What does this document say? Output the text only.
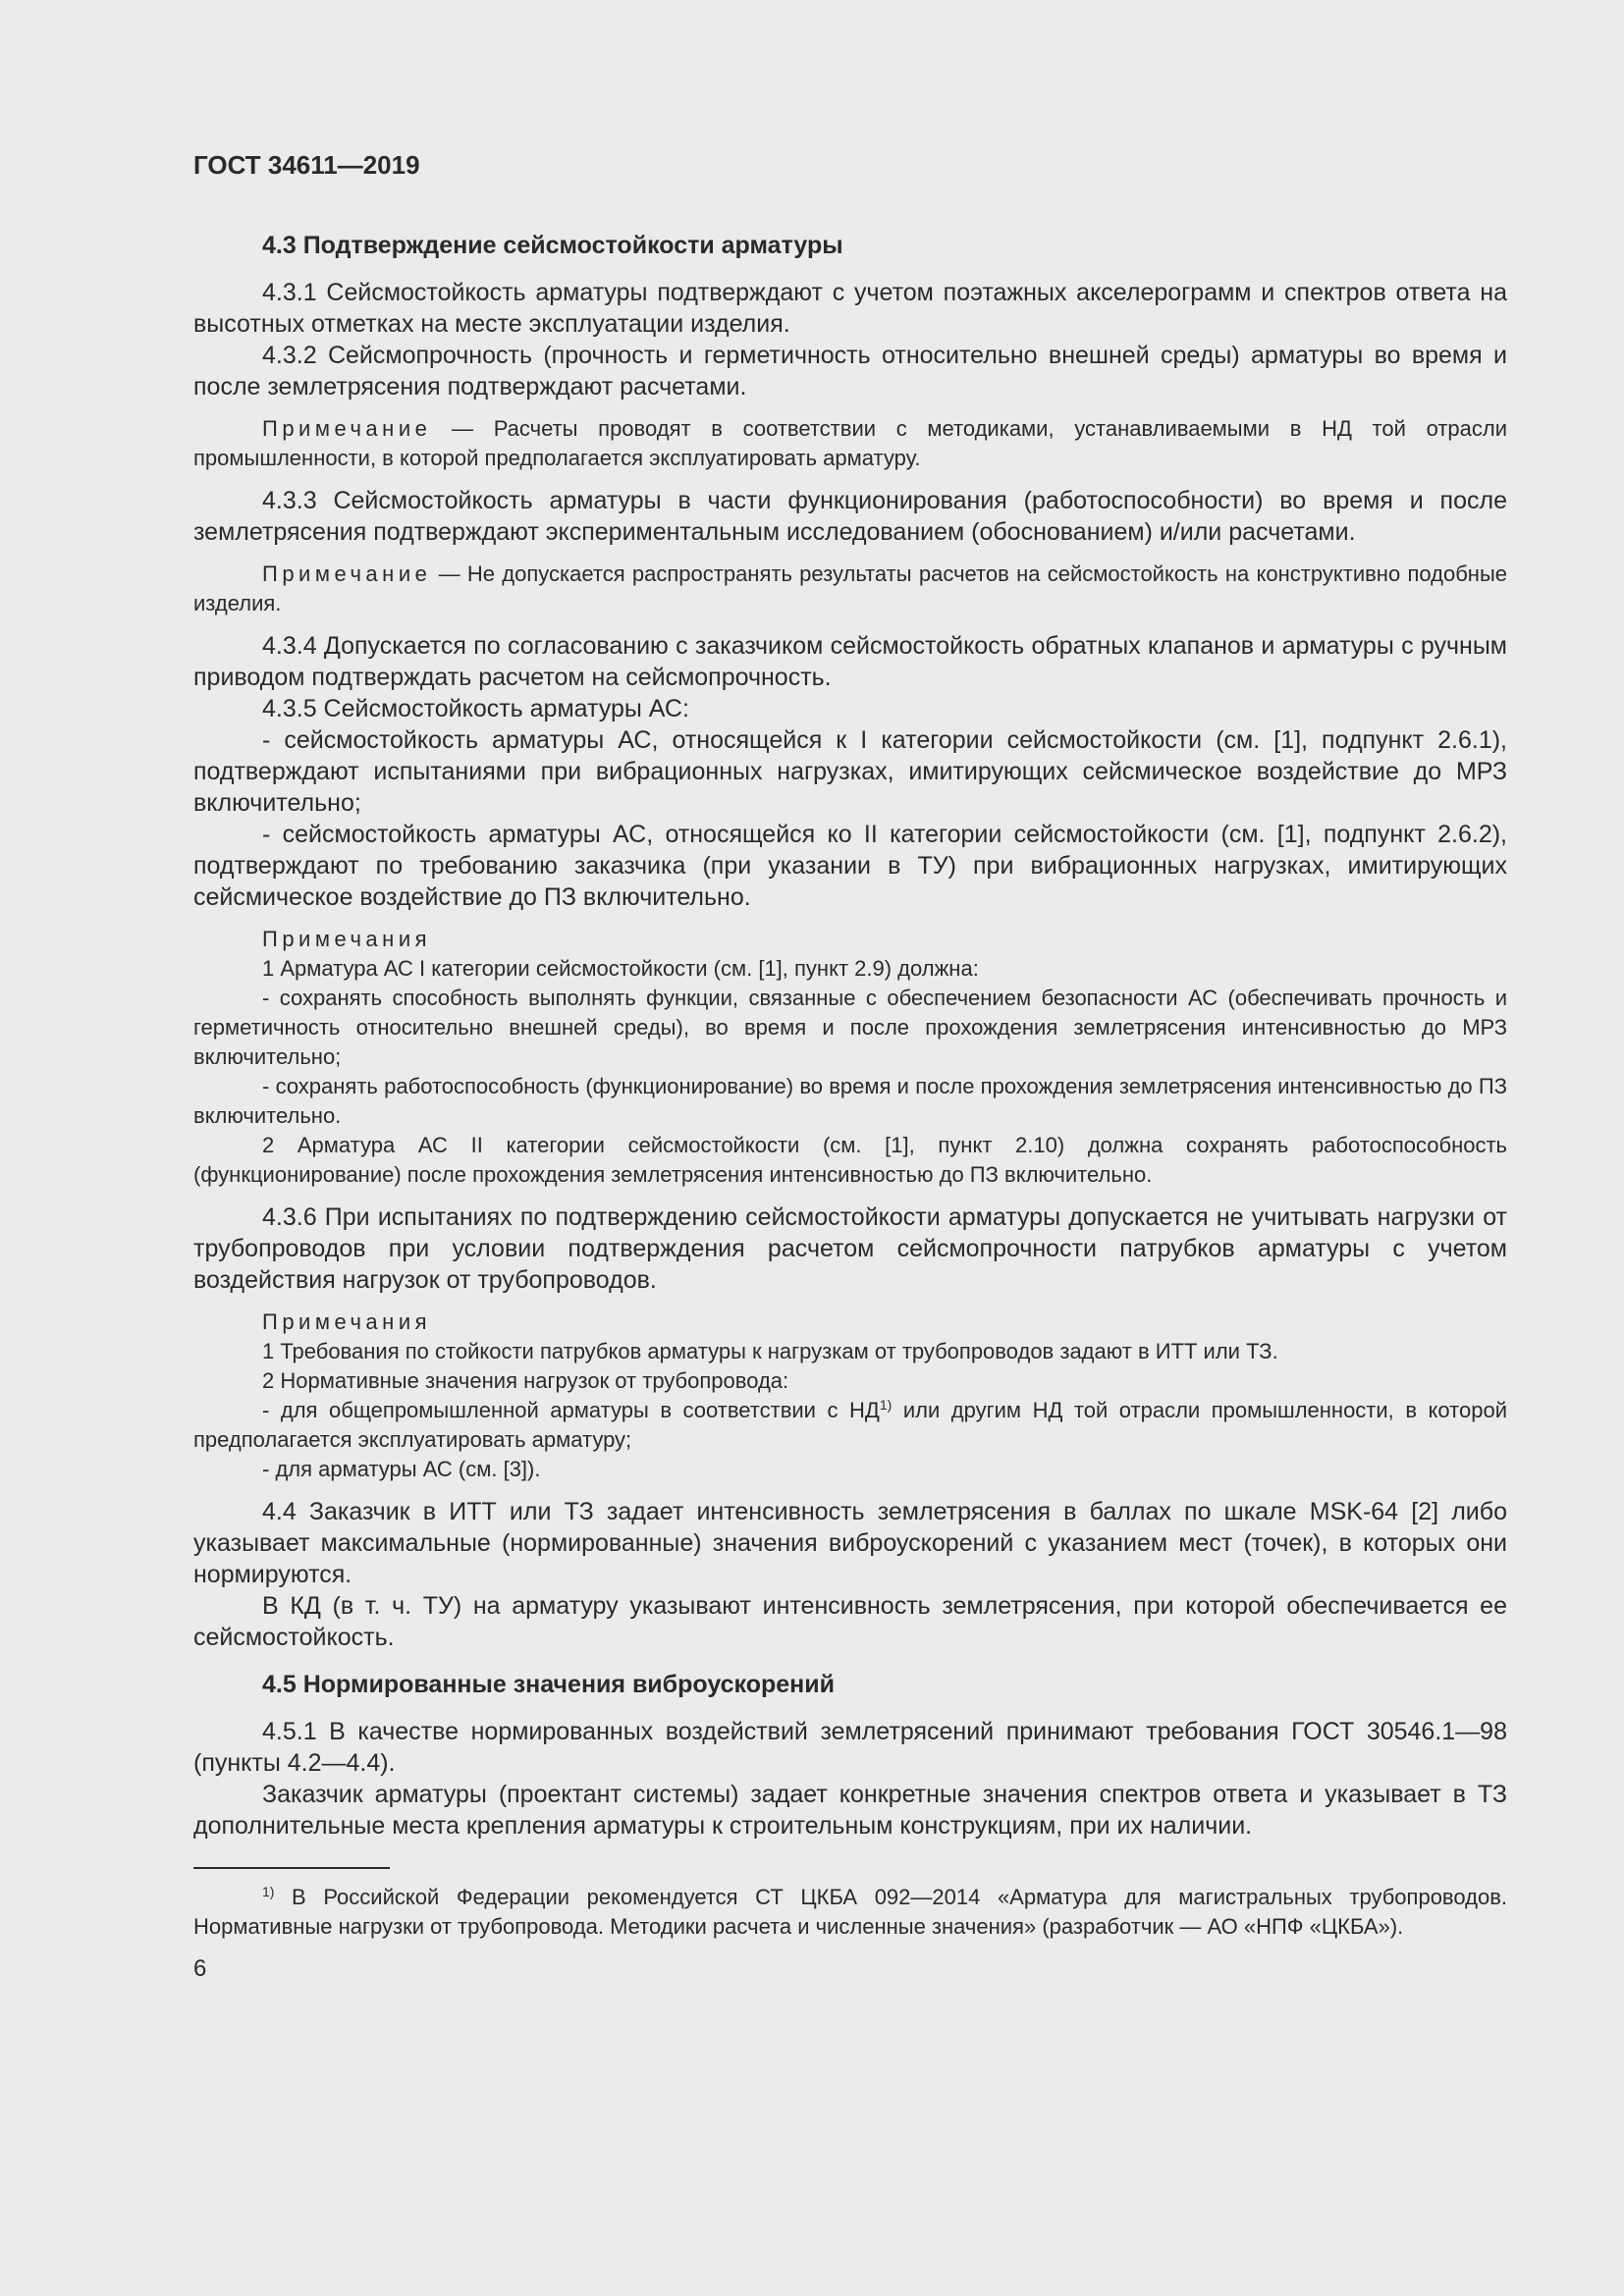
ГОСТ 34611—2019
4.3 Подтверждение сейсмостойкости арматуры

4.3.1 Сейсмостойкость арматуры подтверждают с учетом поэтажных акселерограмм и спектров ответа на высотных отметках на месте эксплуатации изделия.

4.3.2 Сейсмопрочность (прочность и герметичность относительно внешней среды) арматуры во время и после землетрясения подтверждают расчетами.

Примечание — Расчеты проводят в соответствии с методиками, устанавливаемыми в НД той отрасли промышленности, в которой предполагается эксплуатировать арматуру.

4.3.3 Сейсмостойкость арматуры в части функционирования (работоспособности) во время и после землетрясения подтверждают экспериментальным исследованием (обоснованием) и/или расчетами.

Примечание — Не допускается распространять результаты расчетов на сейсмостойкость на конструктивно подобные изделия.

4.3.4 Допускается по согласованию с заказчиком сейсмостойкость обратных клапанов и арматуры с ручным приводом подтверждать расчетом на сейсмопрочность.

4.3.5 Сейсмостойкость арматуры АС:

- сейсмостойкость арматуры АС, относящейся к I категории сейсмостойкости (см. [1], подпункт 2.6.1), подтверждают испытаниями при вибрационных нагрузках, имитирующих сейсмическое воздействие до МРЗ включительно;

- сейсмостойкость арматуры АС, относящейся ко II категории сейсмостойкости (см. [1], подпункт 2.6.2), подтверждают по требованию заказчика (при указании в ТУ) при вибрационных нагрузках, имитирующих сейсмическое воздействие до ПЗ включительно.

Примечания

1 Арматура АС I категории сейсмостойкости (см. [1], пункт 2.9) должна:

- сохранять способность выполнять функции, связанные с обеспечением безопасности АС (обеспечивать прочность и герметичность относительно внешней среды), во время и после прохождения землетрясения интенсивностью до МРЗ включительно;

- сохранять работоспособность (функционирование) во время и после прохождения землетрясения интенсивностью до ПЗ включительно.

2 Арматура АС II категории сейсмостойкости (см. [1], пункт 2.10) должна сохранять работоспособность (функционирование) после прохождения землетрясения интенсивностью до ПЗ включительно.

4.3.6 При испытаниях по подтверждению сейсмостойкости арматуры допускается не учитывать нагрузки от трубопроводов при условии подтверждения расчетом сейсмопрочности патрубков арматуры с учетом воздействия нагрузок от трубопроводов.

Примечания

1 Требования по стойкости патрубков арматуры к нагрузкам от трубопроводов задают в ИТТ или ТЗ.

2 Нормативные значения нагрузок от трубопровода:

- для общепромышленной арматуры в соответствии с НД$^{1)}$ или другим НД той отрасли промышленности, в которой предполагается эксплуатировать арматуру;

- для арматуры АС (см. [3]).

4.4 Заказчик в ИТТ или ТЗ задает интенсивность землетрясения в баллах по шкале MSK-64 [2] либо указывает максимальные (нормированные) значения виброускорений с указанием мест (точек), в которых они нормируются.

В КД (в т. ч. ТУ) на арматуру указывают интенсивность землетрясения, при которой обеспечивается ее сейсмостойкость.

4.5 Нормированные значения виброускорений

4.5.1 В качестве нормированных воздействий землетрясений принимают требования ГОСТ 30546.1—98 (пункты 4.2—4.4).

Заказчик арматуры (проектант системы) задает конкретные значения спектров ответа и указывает в ТЗ дополнительные места крепления арматуры к строительным конструкциям, при их наличии.

$^{1)}$ В Российской Федерации рекомендуется СТ ЦКБА 092—2014 «Арматура для магистральных трубопроводов. Нормативные нагрузки от трубопровода. Методики расчета и численные значения» (разработчик — АО «НПФ «ЦКБА»).

6
